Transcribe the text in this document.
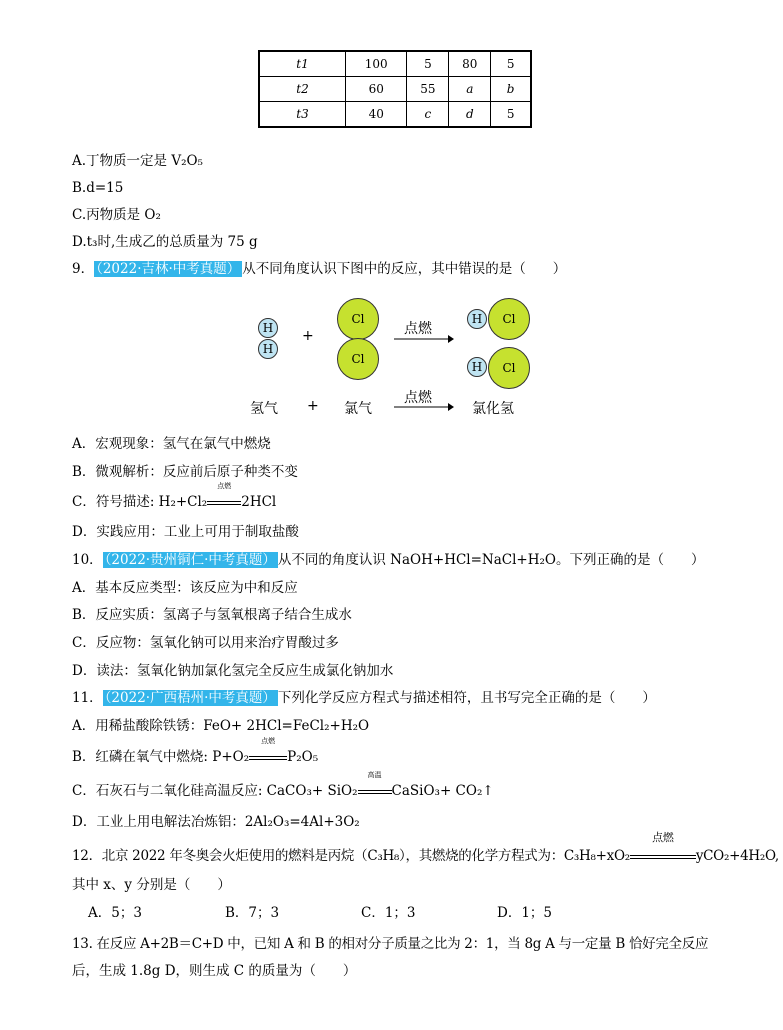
t1	100	5	80	5
t2	60	55	a	b
t3	40	c	d	5
A.丁物质一定是 V₂O₅
B.d=15
C.丙物质是 O₂
D.t₃时,生成乙的总质量为 75 g
9． （2022·吉林·中考真题） 从不同角度认识下图中的反应，其中错误的是（　　）
H
H
+
Cl
Cl
点燃
H	Cl
H	Cl
氢气 + 氯气
点燃
氯化氢
A．宏观现象：氢气在氯气中燃烧
B．微观解析：反应前后原子种类不变
C．符号描述: H₂+Cl₂
点燃
2HCl
D．实践应用：工业上可用于制取盐酸
10． （2022·贵州铜仁·中考真题） 从不同的角度认识 NaOH+HCl=NaCl+H₂O。下列正确的是（　　）
A．基本反应类型：该反应为中和反应
B．反应实质：氢离子与氢氧根离子结合生成水
C．反应物：氢氧化钠可以用来治疗胃酸过多
D．读法：氢氧化钠加氯化氢完全反应生成氯化钠加水
11． （2022·广西梧州·中考真题） 下列化学反应方程式与描述相符，且书写完全正确的是（　　）
A．用稀盐酸除铁锈：FeO+ 2HCl=FeCl₂+H₂O
B．红磷在氧气中燃烧: P+O₂
点燃
P₂O₅
C．石灰石与二氧化硅高温反应: CaCO₃+ SiO₂
高温
CaSiO₃+ CO₂↑
D．工业上用电解法冶炼铝：2Al₂O₃=4Al+3O₂
12．北京 2022 年冬奥会火炬使用的燃料是丙烷（C₃H₈），其燃烧的化学方程式为：C₃H₈+xO₂
点燃
yCO₂+4H₂O,
其中 x、y 分别是（　　）
A．5；3	B．7；3	C．1；3	D．1；5
13. 在反应 A+2B＝C+D 中，已知 A 和 B 的相对分子质量之比为 2：1，当 8g A 与一定量 B 恰好完全反应
后，生成 1.8g D，则生成 C 的质量为（　　）
